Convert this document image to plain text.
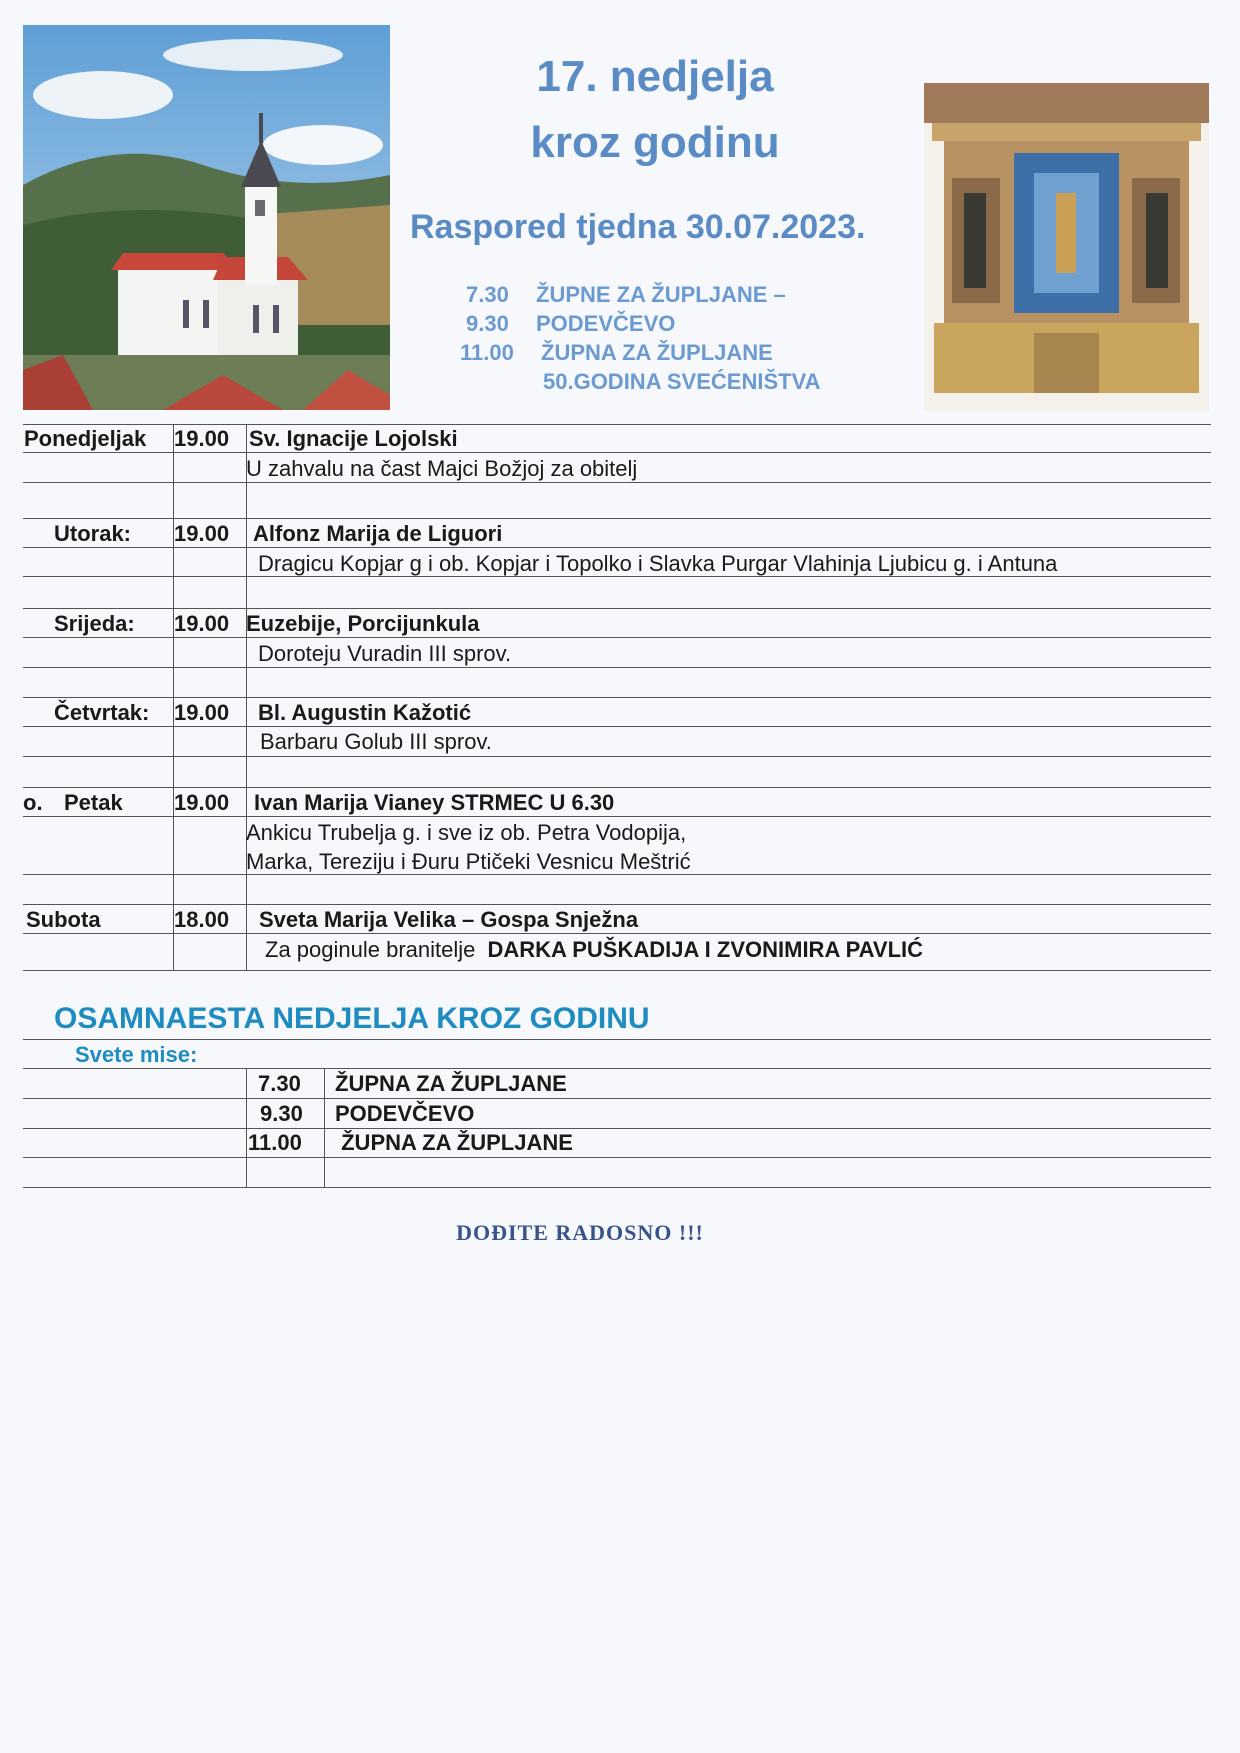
17. nedjelja
kroz godinu
Raspored tjedna 30.07.2023.
7.30 ŽUPNE ZA ŽUPLJANE –
9.30 PODEVČEVO
11.00 ŽUPNA ZA ŽUPLJANE
50.GODINA SVEĆENIŠTVA
Ponedjeljak 19.00 Sv. Ignacije Lojolski
U zahvalu na čast Majci Božjoj za obitelj
Utorak: 19.00 Alfonz Marija de Liguori
Dragicu Kopjar g i ob. Kopjar i Topolko i Slavka Purgar Vlahinja Ljubicu g. i Antuna
Srijeda: 19.00 Euzebije, Porcijunkula
Doroteju Vuradin III sprov.
Četvrtak: 19.00 Bl. Augustin Kažotić
Barbaru Golub III sprov.
o. Petak 19.00 Ivan Marija Vianey STRMEC U 6.30
Ankicu Trubelja g. i sve iz ob. Petra Vodopija,
Marka, Tereziju i Đuru Ptičeki Vesnicu Meštrić
Subota	18.00 Sveta Marija Velika – Gospa Snježna
Za poginule branitelje DARKA PUŠKADIJA I ZVONIMIRA PAVLIĆ
OSAMNAESTA NEDJELJA KROZ GODINU
Svete mise:
7.30 ŽUPNA ZA ŽUPLJANE
9.30 PODEVČEVO
11.00 ŽUPNA ZA ŽUPLJANE
DOĐITE RADOSNO !!!
